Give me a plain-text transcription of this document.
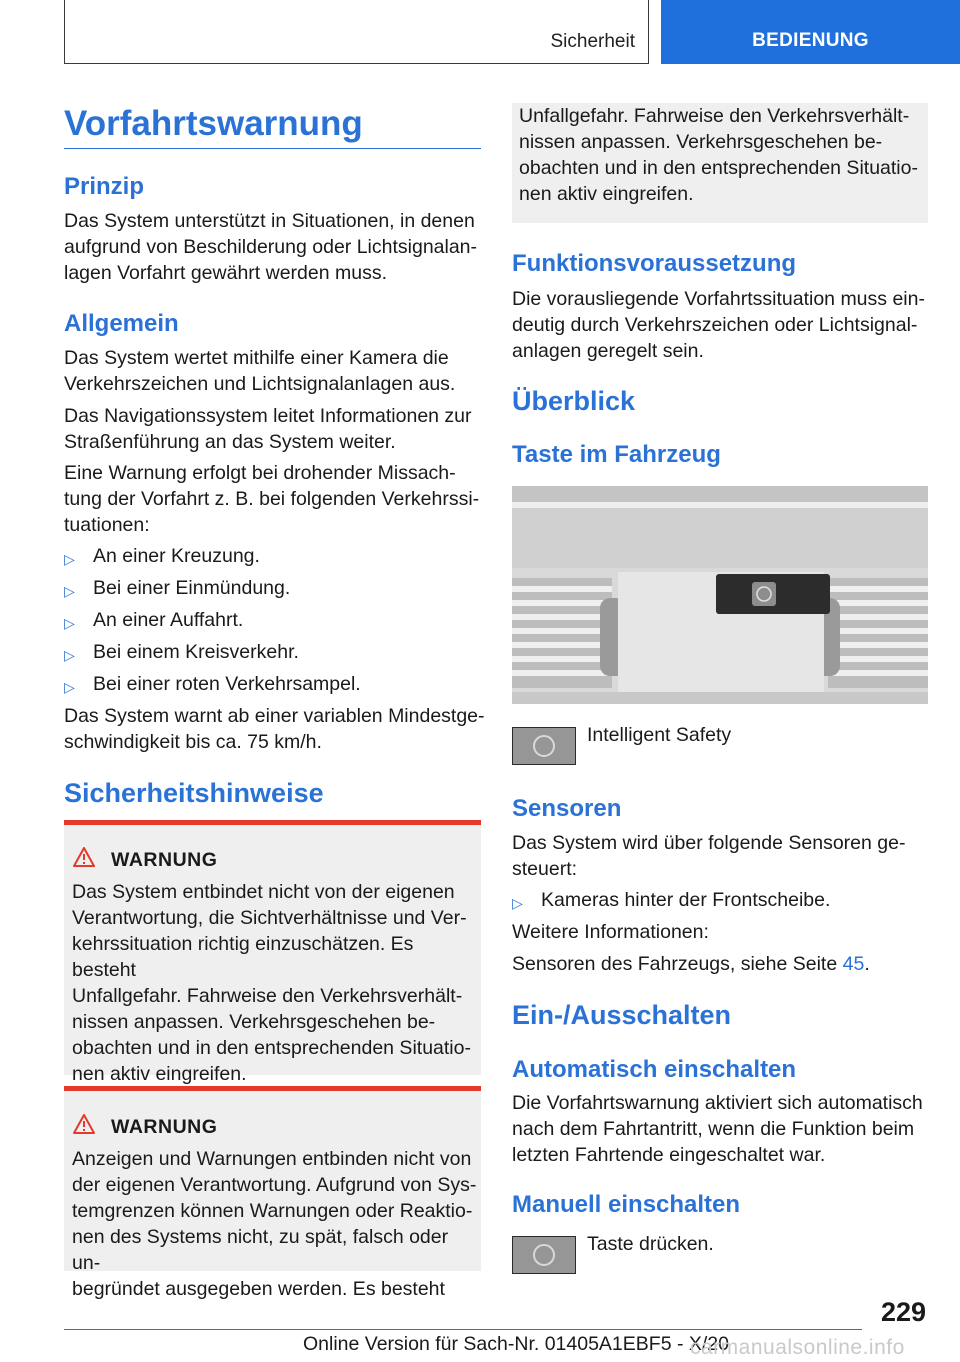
Sicherheit	BEDIENUNG
Vorfahrtswarnung
Prinzip
Das System unterstützt in Situationen, in denen
aufgrund von Beschilderung oder Lichtsignalan-
lagen Vorfahrt gewährt werden muss.
Allgemein
Das System wertet mithilfe einer Kamera die
Verkehrszeichen und Lichtsignalanlagen aus.
Das Navigationssystem leitet Informationen zur
Straßenführung an das System weiter.
Eine Warnung erfolgt bei drohender Missach-
tung der Vorfahrt z. B. bei folgenden Verkehrssi-
tuationen:
▷ An einer Kreuzung.
▷ Bei einer Einmündung.
▷ An einer Auffahrt.
▷ Bei einem Kreisverkehr.
▷ Bei einer roten Verkehrsampel.
Das System warnt ab einer variablen Mindestge-
schwindigkeit bis ca. 75 km/h.
Sicherheitshinweise
WARNUNG
Das System entbindet nicht von der eigenen
Verantwortung, die Sichtverhältnisse und Ver-
kehrssituation richtig einzuschätzen. Es besteht
Unfallgefahr. Fahrweise den Verkehrsverhält-
nissen anpassen. Verkehrsgeschehen be-
obachten und in den entsprechenden Situatio-
nen aktiv eingreifen.
WARNUNG
Anzeigen und Warnungen entbinden nicht von
der eigenen Verantwortung. Aufgrund von Sys-
temgrenzen können Warnungen oder Reaktio-
nen des Systems nicht, zu spät, falsch oder un-
begründet ausgegeben werden. Es besteht
Unfallgefahr. Fahrweise den Verkehrsverhält-
nissen anpassen. Verkehrsgeschehen be-
obachten und in den entsprechenden Situatio-
nen aktiv eingreifen.
Funktionsvoraussetzung
Die vorausliegende Vorfahrtssituation muss ein-
deutig durch Verkehrszeichen oder Lichtsignal-
anlagen geregelt sein.
Überblick
Taste im Fahrzeug
Intelligent Safety
Sensoren
Das System wird über folgende Sensoren ge-
steuert:
▷ Kameras hinter der Frontscheibe.
Weitere Informationen:
Sensoren des Fahrzeugs, siehe Seite 45.
Ein-/Ausschalten
Automatisch einschalten
Die Vorfahrtswarnung aktiviert sich automatisch
nach dem Fahrtantritt, wenn die Funktion beim
letzten Fahrtende eingeschaltet war.
Manuell einschalten
Taste drücken.
229
Online Version für Sach-Nr. 01405A1EBF5 - X/20
carmanualsonline.info
